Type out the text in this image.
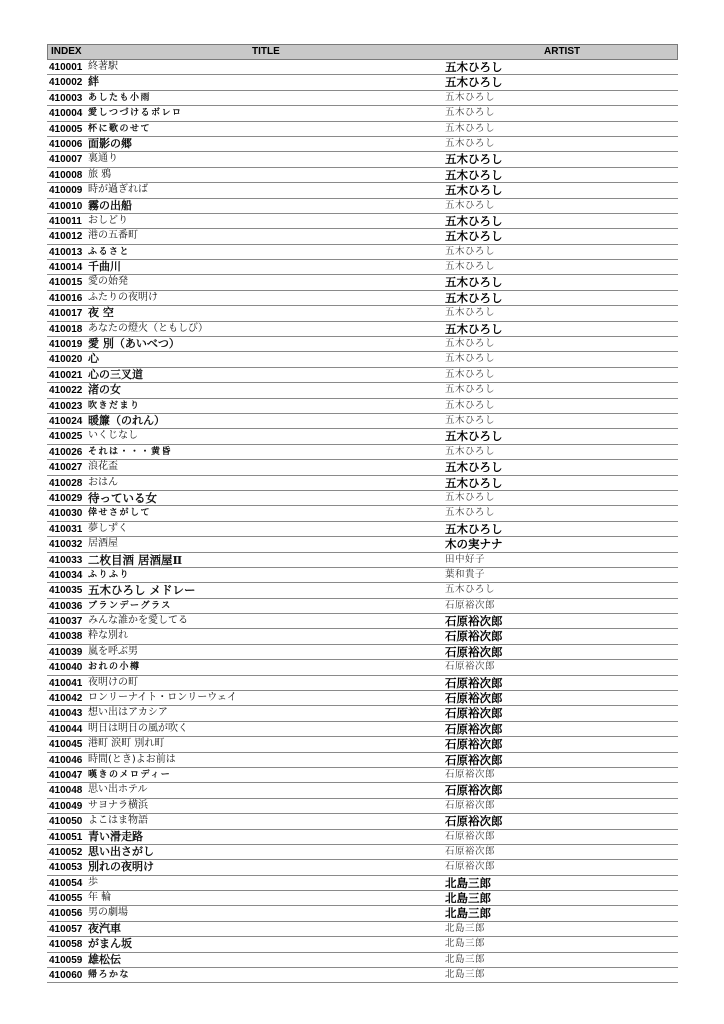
INDEX	TITLE	ARTIST
410001 終著駅	五木ひろし
410002 絆	五木ひろし
410003 あしたも小雨	五木ひろし
410004 愛しつづけるボレロ	五木ひろし
410005 杯に歌のせて	五木ひろし
410006 面影の郷	五木ひろし
410007 裏通り	五木ひろし
410008 旅 鴉	五木ひろし
410009 時が過ぎれば	五木ひろし
410010 霧の出船	五木ひろし
410011 おしどり	五木ひろし
410012 港の五番町	五木ひろし
410013 ふるさと	五木ひろし
410014 千曲川	五木ひろし
410015 愛の始発	五木ひろし
410016 ふたりの夜明け	五木ひろし
410017 夜 空	五木ひろし
410018 あなたの燈火（ともしび）	五木ひろし
410019 愛 別（あいべつ）	五木ひろし
410020 心	五木ひろし
410021 心の三叉道	五木ひろし
410022 渚の女	五木ひろし
410023 吹きだまり	五木ひろし
410024 暖簾（のれん）	五木ひろし
410025 いくじなし	五木ひろし
410026 それは・・・黄昏	五木ひろし
410027 浪花盃	五木ひろし
410028 おはん	五木ひろし
410029 待っている女	五木ひろし
410030 倖せさがして	五木ひろし
410031 夢しずく	五木ひろし
410032 居酒屋	木の実ナナ
410033 二枚目酒 居酒屋Ⅱ	田中好子
410034 ふりふり	葉和貴子
410035 五木ひろし メドレー	五木ひろし
410036 ブランデーグラス	石原裕次郎
410037 みんな誰かを愛してる	石原裕次郎
410038 粋な別れ	石原裕次郎
410039 嵐を呼ぶ男	石原裕次郎
410040 おれの小樽	石原裕次郎
410041 夜明けの町	石原裕次郎
410042 ロンリーナイト・ロンリーウェイ	石原裕次郎
410043 想い出はアカシア	石原裕次郎
410044 明日は明日の風が吹く	石原裕次郎
410045 港町 涙町 別れ町	石原裕次郎
410046 時間(とき)よお前は	石原裕次郎
410047 嘆きのメロディー	石原裕次郎
410048 思い出ホテル	石原裕次郎
410049 サヨナラ横浜	石原裕次郎
410050 よこはま物語	石原裕次郎
410051 青い滑走路	石原裕次郎
410052 思い出さがし	石原裕次郎
410053 別れの夜明け	石原裕次郎
410054 歩	北島三郎
410055 年 輪	北島三郎
410056 男の劇場	北島三郎
410057 夜汽車	北島三郎
410058 がまん坂	北島三郎
410059 雄松伝	北島三郎
410060 帰ろかな	北島三郎
